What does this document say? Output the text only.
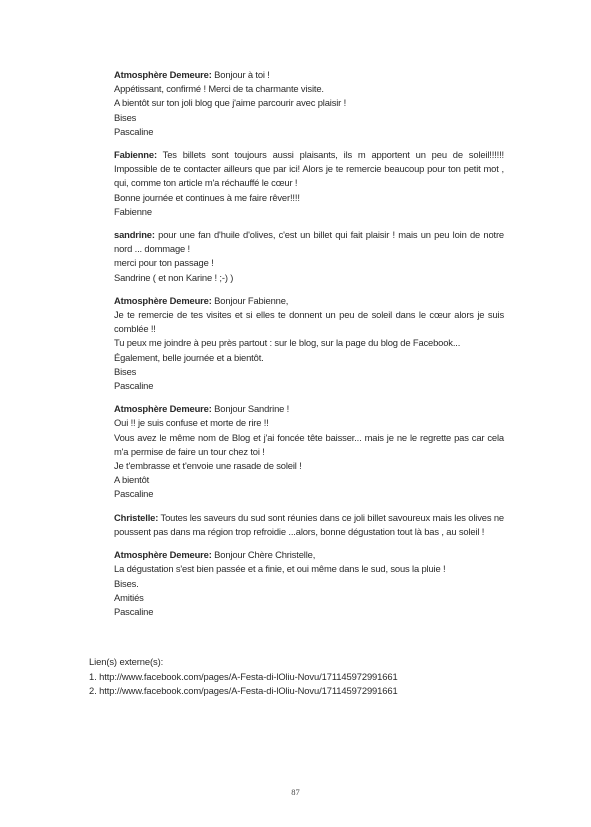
Atmosphère Demeure: Bonjour à toi !
Appétissant, confirmé ! Merci de ta charmante visite.
A bientôt sur ton joli blog que j'aime parcourir avec plaisir !
Bises
Pascaline
Fabienne: Tes billets sont toujours aussi plaisants, ils m apportent un peu de soleil!!!!!! Impossible de te contacter ailleurs que par ici! Alors je te remercie beaucoup pour ton petit mot , qui, comme ton article m'a réchauffé le cœur !
Bonne journée et continues à me faire rêver!!!!
Fabienne
sandrine: pour une fan d'huile d'olives, c'est un billet qui fait plaisir ! mais un peu loin de notre nord ... dommage !
merci pour ton passage !
Sandrine ( et non Karine ! ;-) )
Atmosphère Demeure: Bonjour Fabienne,
Je te remercie de tes visites et si elles te donnent un peu de soleil dans le cœur alors je suis comblée !!
Tu peux me joindre à peu près partout : sur le blog, sur la page du blog de Facebook...
Également, belle journée et a bientôt.
Bises
Pascaline
Atmosphère Demeure: Bonjour Sandrine !
Oui !! je suis confuse et morte de rire !!
Vous avez le même nom de Blog et j'ai foncée tête baisser... mais je ne le regrette pas car cela m'a permise de faire un tour chez toi !
Je t'embrasse et t'envoie une rasade de soleil !
A bientôt
Pascaline
Christelle: Toutes les saveurs du sud sont réunies dans ce joli billet savoureux mais les olives ne poussent pas dans ma région trop refroidie ...alors, bonne dégustation tout là bas , au soleil !
Atmosphère Demeure: Bonjour Chère Christelle,
La dégustation s'est bien passée et a finie, et oui même dans le sud, sous la pluie !
Bises.
Amitiés
Pascaline
Lien(s) externe(s):
1. http://www.facebook.com/pages/A-Festa-di-lOliu-Novu/171145972991661
2. http://www.facebook.com/pages/A-Festa-di-lOliu-Novu/171145972991661
87
